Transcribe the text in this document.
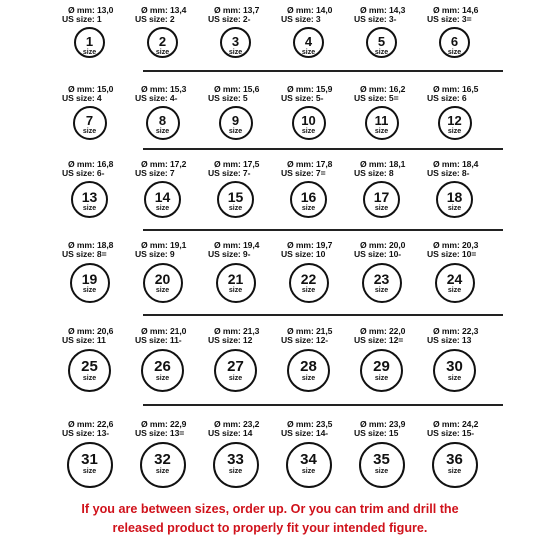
Ø mm: 13,0
US size: 1
1
size
Ø mm: 13,4
US size: 2
2
size
Ø mm: 13,7
US size: 2-
3
size
Ø mm: 14,0
US size: 3
4
size
Ø mm: 14,3
US size: 3-
5
size
Ø mm: 14,6
US size: 3=
6
size
Ø mm: 15,0
US size: 4
7
size
Ø mm: 15,3
US size: 4-
8
size
Ø mm: 15,6
US size: 5
9
size
Ø mm: 15,9
US size: 5-
10
size
Ø mm: 16,2
US size: 5=
11
size
Ø mm: 16,5
US size: 6
12
size
Ø mm: 16,8
US size: 6-
13
size
Ø mm: 17,2
US size: 7
14
size
Ø mm: 17,5
US size: 7-
15
size
Ø mm: 17,8
US size: 7=
16
size
Ø mm: 18,1
US size: 8
17
size
Ø mm: 18,4
US size: 8-
18
size
Ø mm: 18,8
US size: 8=
19
size
Ø mm: 19,1
US size: 9
20
size
Ø mm: 19,4
US size: 9-
21
size
Ø mm: 19,7
US size: 10
22
size
Ø mm: 20,0
US size: 10-
23
size
Ø mm: 20,3
US size: 10=
24
size
Ø mm: 20,6
US size: 11
25
size
Ø mm: 21,0
US size: 11-
26
size
Ø mm: 21,3
US size: 12
27
size
Ø mm: 21,5
US size: 12-
28
size
Ø mm: 22,0
US size: 12=
29
size
Ø mm: 22,3
US size: 13
30
size
Ø mm: 22,6
US size: 13-
31
size
Ø mm: 22,9
US size: 13=
32
size
Ø mm: 23,2
US size: 14
33
size
Ø mm: 23,5
US size: 14-
34
size
Ø mm: 23,9
US size: 15
35
size
Ø mm: 24,2
US size: 15-
36
size
If you are between sizes, order up. Or you can trim and drill the
released product to properly fit your intended figure.
